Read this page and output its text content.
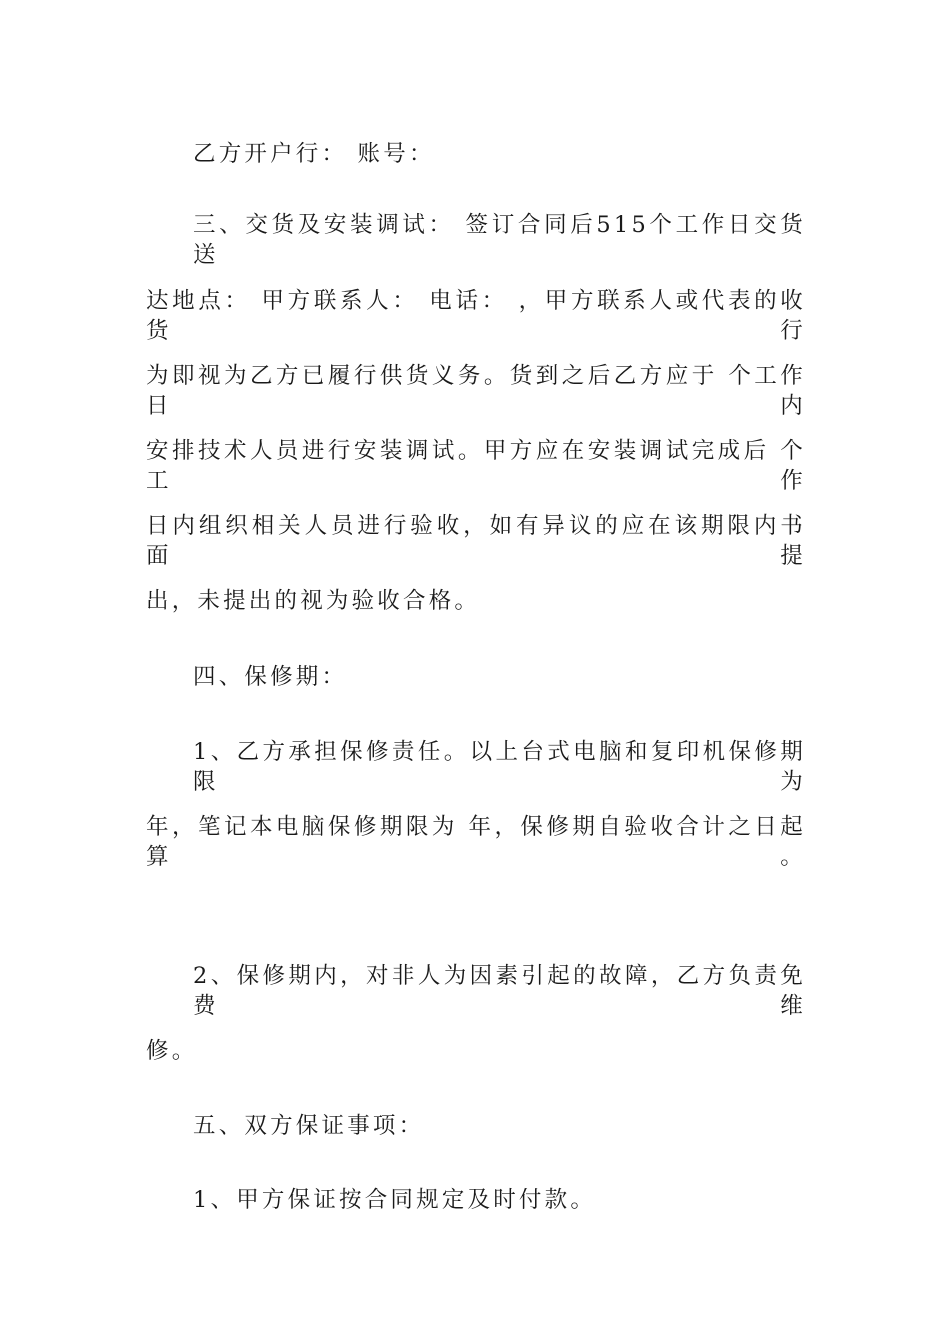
乙方开户行： 账号：
三、交货及安装调试： 签订合同后515个工作日交货 送
达地点： 甲方联系人： 电话： ，甲方联系人或代表的收货行
为即视为乙方已履行供货义务。货到之后乙方应于 个工作日内
安排技术人员进行安装调试。甲方应在安装调试完成后 个工作
日内组织相关人员进行验收，如有异议的应在该期限内书面提
出，未提出的视为验收合格。
四、保修期：
1、乙方承担保修责任。以上台式电脑和复印机保修期限为
年，笔记本电脑保修期限为 年，保修期自验收合计之日起算。
2、保修期内，对非人为因素引起的故障，乙方负责免费维
修。
五、双方保证事项：
1、甲方保证按合同规定及时付款。
